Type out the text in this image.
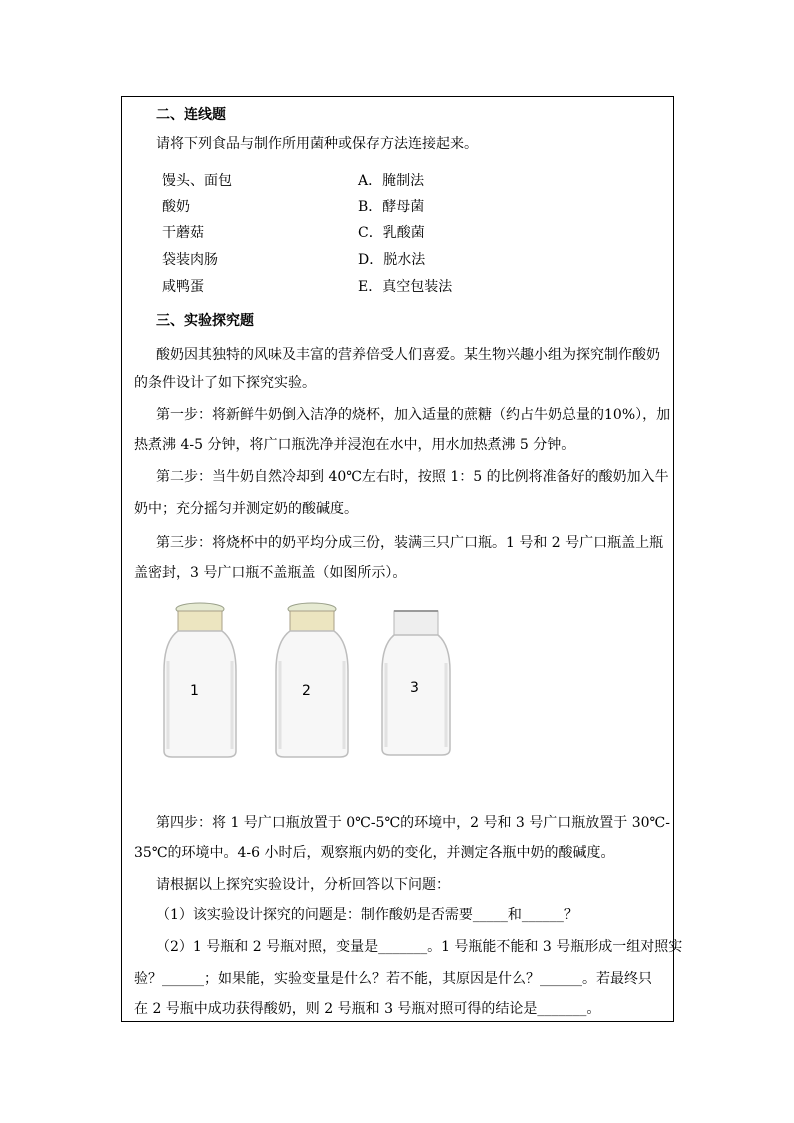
二、连线题
请将下列食品与制作所用菌种或保存方法连接起来。
馒头、面包
酸奶
干蘑菇
袋装肉肠
咸鸭蛋
A．腌制法
B．酵母菌
C．乳酸菌
D．脱水法
E．真空包装法
三、实验探究题
酸奶因其独特的风味及丰富的营养倍受人们喜爱。某生物兴趣小组为探究制作酸奶
的条件设计了如下探究实验。
第一步：将新鲜牛奶倒入洁净的烧杯，加入适量的蔗糖（约占牛奶总量的10%），加
热煮沸 4-5 分钟，将广口瓶洗净并浸泡在水中，用水加热煮沸 5 分钟。
第二步：当牛奶自然冷却到 40℃左右时，按照 1：5 的比例将准备好的酸奶加入牛
奶中；充分摇匀并测定奶的酸碱度。
第三步：将烧杯中的奶平均分成三份，装满三只广口瓶。1 号和 2 号广口瓶盖上瓶
盖密封，3 号广口瓶不盖瓶盖（如图所示）。
1	2	3
第四步：将 1 号广口瓶放置于 0℃-5℃的环境中，2 号和 3 号广口瓶放置于 30℃-
35℃的环境中。4-6 小时后，观察瓶内奶的变化，并测定各瓶中奶的酸碱度。
请根据以上探究实验设计，分析回答以下问题：
（1）该实验设计探究的问题是：制作酸奶是否需要_____和______？
（2）1 号瓶和 2 号瓶对照，变量是_______。1 号瓶能不能和 3 号瓶形成一组对照实
验？______；如果能，实验变量是什么？若不能，其原因是什么？______。若最终只
在 2 号瓶中成功获得酸奶，则 2 号瓶和 3 号瓶对照可得的结论是_______。
